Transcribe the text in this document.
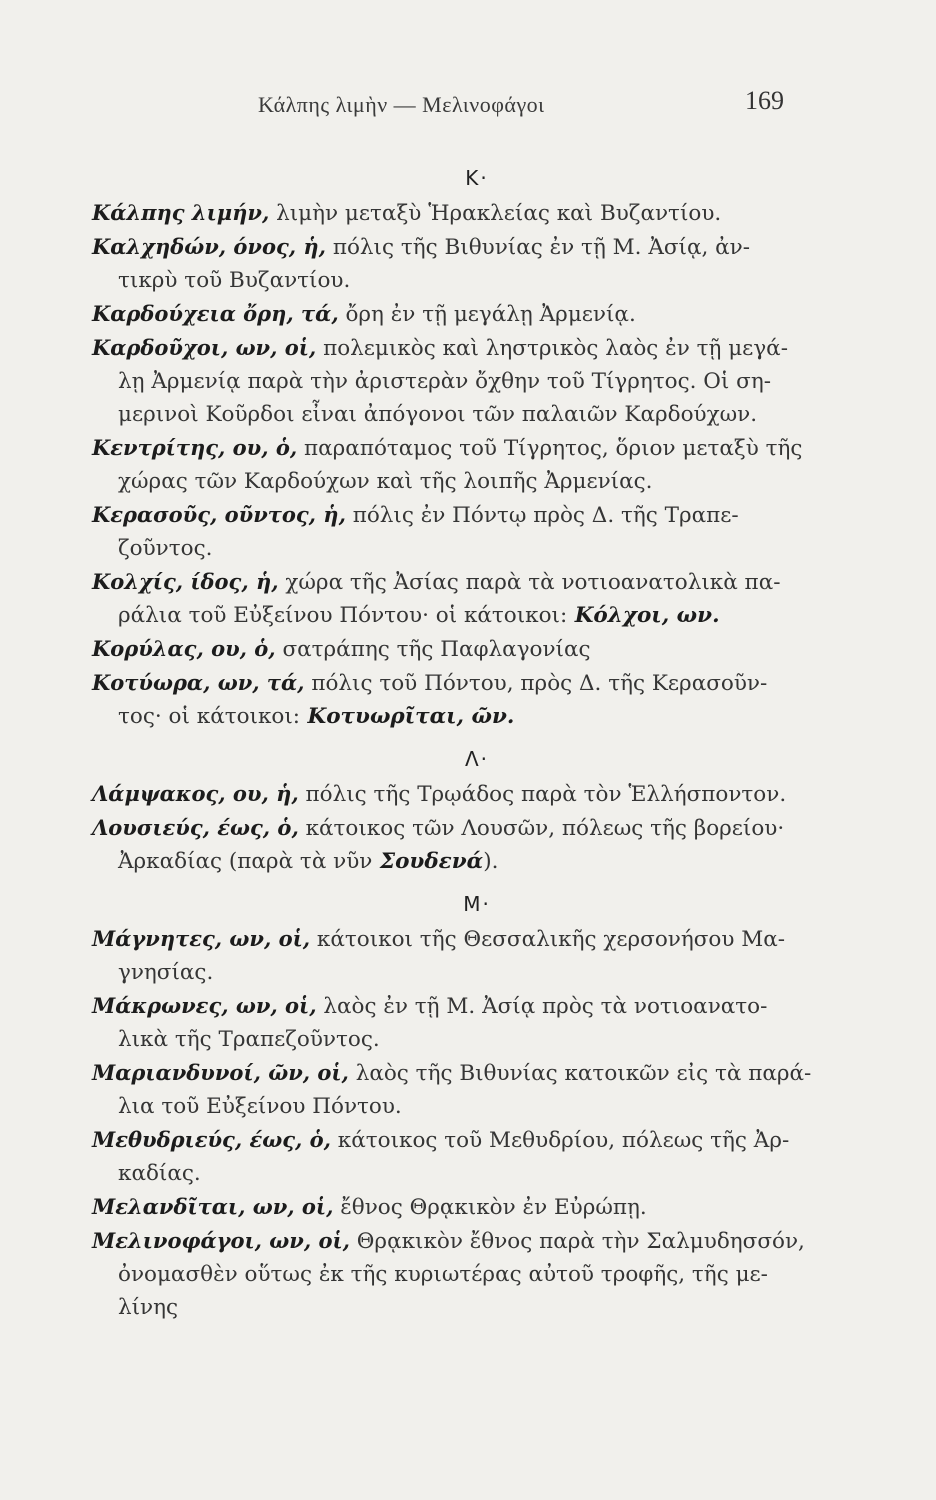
Κάλπης λιμὴν — Μελινοφάγοι	169
Κ·

Κάλπης λιμήν, λιμὴν μεταξὺ Ἡρακλείας καὶ Βυζαντίου.

Καλχηδών, όνος, ἡ, πόλις τῆς Βιθυνίας ἐν τῇ Μ. Ἀσίᾳ, ἀν-
τικρὺ τοῦ Βυζαντίου.

Καρδούχεια ὄρη, τά, ὄρη ἐν τῇ μεγάλῃ Ἀρμενίᾳ.

Καρδοῦχοι, ων, οἱ, πολεμικὸς καὶ ληστρικὸς λαὸς ἐν τῇ μεγά-
λῃ Ἀρμενίᾳ παρὰ τὴν ἀριστερὰν ὄχθην τοῦ Τίγρητος. Οἱ ση-
μερινοὶ Κοῦρδοι εἶναι ἀπόγονοι τῶν παλαιῶν Καρδούχων.

Κεντρίτης, ου, ὁ, παραπόταμος τοῦ Τίγρητος, ὅριον μεταξὺ τῆς
χώρας τῶν Καρδούχων καὶ τῆς λοιπῆς Ἀρμενίας.

Κερασοῦς, οῦντος, ἡ, πόλις ἐν Πόντῳ πρὸς Δ. τῆς Τραπε-
ζοῦντος.

Κολχίς, ίδος, ἡ, χώρα τῆς Ἀσίας παρὰ τὰ νοτιοανατολικὰ πα-
ράλια τοῦ Εὐξείνου Πόντου· οἱ κάτοικοι: Κόλχοι, ων.

Κορύλας, ου, ὁ, σατράπης τῆς Παφλαγονίας

Κοτύωρα, ων, τά, πόλις τοῦ Πόντου, πρὸς Δ. τῆς Κερασοῦν-
τος· οἱ κάτοικοι: Κοτυωρῖται, ῶν.

Λ·

Λάμψακος, ου, ἡ, πόλις τῆς Τρῳάδος παρὰ τὸν Ἑλλήσποντον.

Λουσιεύς, έως, ὁ, κάτοικος τῶν Λουσῶν, πόλεως τῆς βορείου·
Ἀρκαδίας (παρὰ τὰ νῦν Σουδενά).

Μ·

Μάγνητες, ων, οἱ, κάτοικοι τῆς Θεσσαλικῆς χερσονήσου Μα-
γνησίας.

Μάκρωνες, ων, οἱ, λαὸς ἐν τῇ Μ. Ἀσίᾳ πρὸς τὰ νοτιοανατο-
λικὰ τῆς Τραπεζοῦντος.

Μαριανδυνοί, ῶν, οἱ, λαὸς τῆς Βιθυνίας κατοικῶν εἰς τὰ παρά-
λια τοῦ Εὐξείνου Πόντου.

Μεθυδριεύς, έως, ὁ, κάτοικος τοῦ Μεθυδρίου, πόλεως τῆς Ἀρ-
καδίας.

Μελανδῖται, ων, οἱ, ἔθνος Θρᾳκικὸν ἐν Εὐρώπῃ.

Μελινοφάγοι, ων, οἱ, Θρᾳκικὸν ἔθνος παρὰ τὴν Σαλμυδησσόν,
ὀνομασθὲν οὕτως ἐκ τῆς κυριωτέρας αὐτοῦ τροφῆς, τῆς με-
λίνης
